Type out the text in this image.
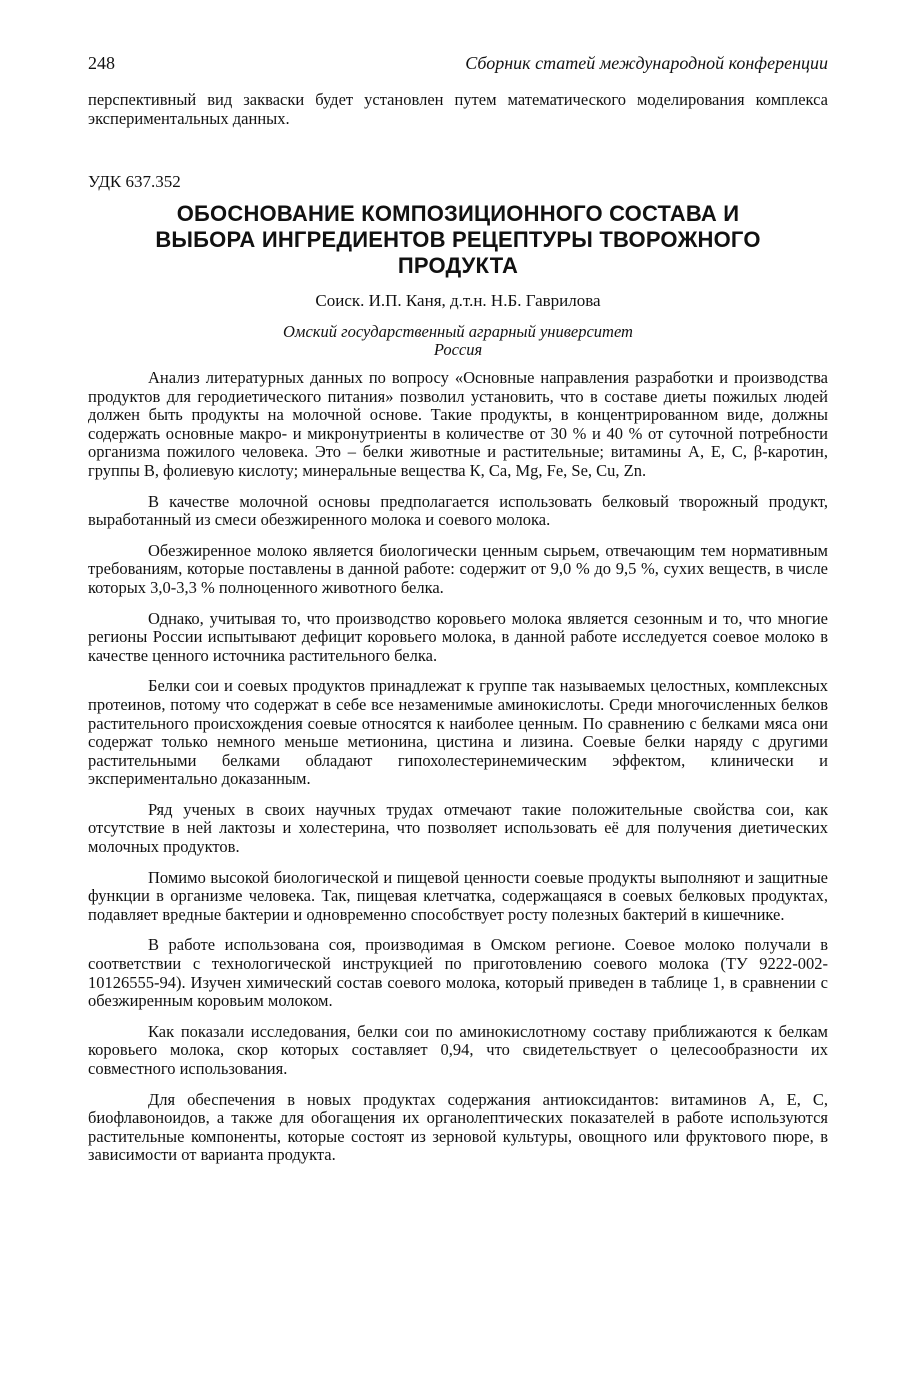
248	Сборник статей международной конференции
перспективный вид закваски будет установлен путем математического моделирования комплекса экспериментальных данных.
УДК 637.352
ОБОСНОВАНИЕ КОМПОЗИЦИОННОГО СОСТАВА И
ВЫБОРА ИНГРЕДИЕНТОВ РЕЦЕПТУРЫ ТВОРОЖНОГО
ПРОДУКТА
Соиск. И.П. Каня, д.т.н. Н.Б. Гаврилова
Омский государственный аграрный университет
Россия

Анализ литературных данных по вопросу «Основные направления разработки и производства продуктов для геродиетического питания» позволил установить, что в составе диеты пожилых людей должен быть продукты на молочной основе. Такие продукты, в концентрированном виде, должны содержать основные макро- и микронутриенты в количестве от 30 % и 40 % от суточной потребности организма пожилого человека. Это – белки животные и растительные; витамины А, Е, С, β-каротин, группы В, фолиевую кислоту; минеральные вещества К, Са, Mg, Fe, Se, Cu, Zn.

В качестве молочной основы предполагается использовать белковый творожный продукт, выработанный из смеси обезжиренного молока и соевого молока.

Обезжиренное молоко является биологически ценным сырьем, отвечающим тем нормативным требованиям, которые поставлены в данной работе: содержит от 9,0 % до 9,5 %, сухих веществ, в числе которых 3,0-3,3 % полноценного животного белка.

Однако, учитывая то, что производство коровьего молока является сезонным и то, что многие регионы России испытывают дефицит коровьего молока, в данной работе исследуется соевое молоко в качестве ценного источника растительного белка.

Белки сои и соевых продуктов принадлежат к группе так называемых целостных, комплексных протеинов, потому что содержат в себе все незаменимые аминокислоты. Среди многочисленных белков растительного происхождения соевые относятся к наиболее ценным. По сравнению с белками мяса они содержат только немного меньше метионина, цистина и лизина. Соевые белки наряду с другими растительными белками обладают гипохолестеринемическим эффектом, клинически и экспериментально доказанным.

Ряд ученых в своих научных трудах отмечают такие положительные свойства сои, как отсутствие в ней лактозы и холестерина, что позволяет использовать её для получения диетических молочных продуктов.

Помимо высокой биологической и пищевой ценности соевые продукты выполняют и защитные функции в организме человека. Так, пищевая клетчатка, содержащаяся в соевых белковых продуктах, подавляет вредные бактерии и одновременно способствует росту полезных бактерий в кишечнике.

В работе использована соя, производимая в Омском регионе. Соевое молоко получали в соответствии с технологической инструкцией по приготовлению соевого молока (ТУ 9222-002-10126555-94). Изучен химический состав соевого молока, который приведен в таблице 1, в сравнении с обезжиренным коровьим молоком.

Как показали исследования, белки сои по аминокислотному составу приближаются к белкам коровьего молока, скор которых составляет 0,94, что свидетельствует о целесообразности их совместного использования.

Для обеспечения в новых продуктах содержания антиоксидантов: витаминов А, Е, С, биофлавоноидов, а также для обогащения их органолептических показателей в работе используются растительные компоненты, которые состоят из зерновой культуры, овощного или фруктового пюре, в зависимости от варианта продукта.
